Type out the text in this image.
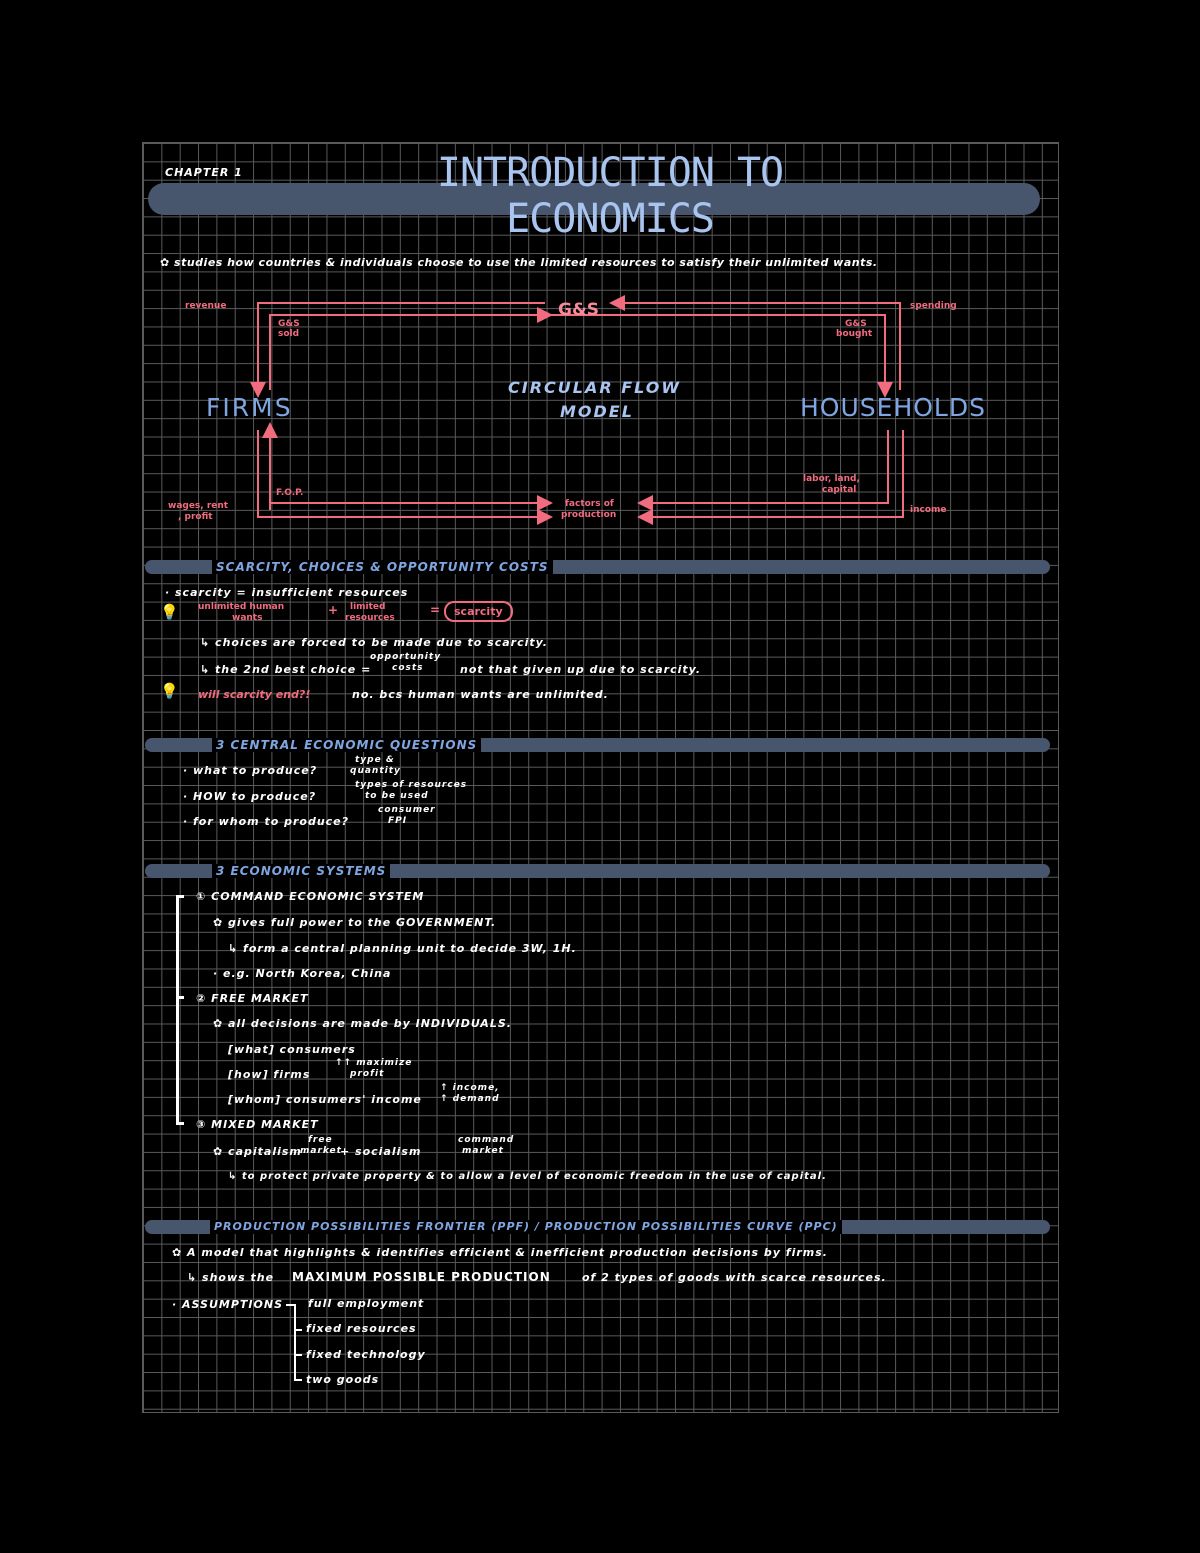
CHAPTER 1	INTRODUCTION TO
ECONOMICS
✿ studies how countries & individuals choose to use the limited resources to satisfy their unlimited wants.
G&S
revenue	spending
G&S
sold
G&S
bought
CIRCULAR FLOW
MODEL
FIRMS	HOUSEHOLDS
labor, land,
capital
F.O.P.
wages, rent
, profit
factors of
production	income
SCARCITY, CHOICES & OPPORTUNITY COSTS
· scarcity = insufficient resources
💡 unlimited human
wants
+ limited
resources
=	scarcity
↳ choices are forced to be made due to scarcity.
↳ the 2nd best choice =
opportunity
costs	not that given up due to scarcity.
💡 will scarcity end?!	no. bcs human wants are unlimited.
3 CENTRAL ECONOMIC QUESTIONS
· what to produce?
type &
quantity
· HOW to produce?
types of resources
to be used
· for whom to produce?
consumer
FPI
3 ECONOMIC SYSTEMS
① COMMAND ECONOMIC SYSTEM
✿ gives full power to the GOVERNMENT.
↳ form a central planning unit to decide 3W, 1H.
· e.g. North Korea, China
② FREE MARKET
✿ all decisions are made by INDIVIDUALS.
[what] consumers
[how] firms
↑↑ maximize
profit
[whom] consumers' income
↑ income,
↑ demand
③ MIXED MARKET
✿ capitalism
free
market
+ socialism
command
market
↳ to protect private property & to allow a level of economic freedom in the use of capital.
PRODUCTION POSSIBILITIES FRONTIER (PPF) / PRODUCTION POSSIBILITIES CURVE (PPC)
✿ A model that highlights & identifies efficient & inefficient production decisions by firms.
↳ shows the MAXIMUM POSSIBLE PRODUCTION	of 2 types of goods with scarce resources.
· ASSUMPTIONS full employment
fixed resources
fixed technology
two goods
